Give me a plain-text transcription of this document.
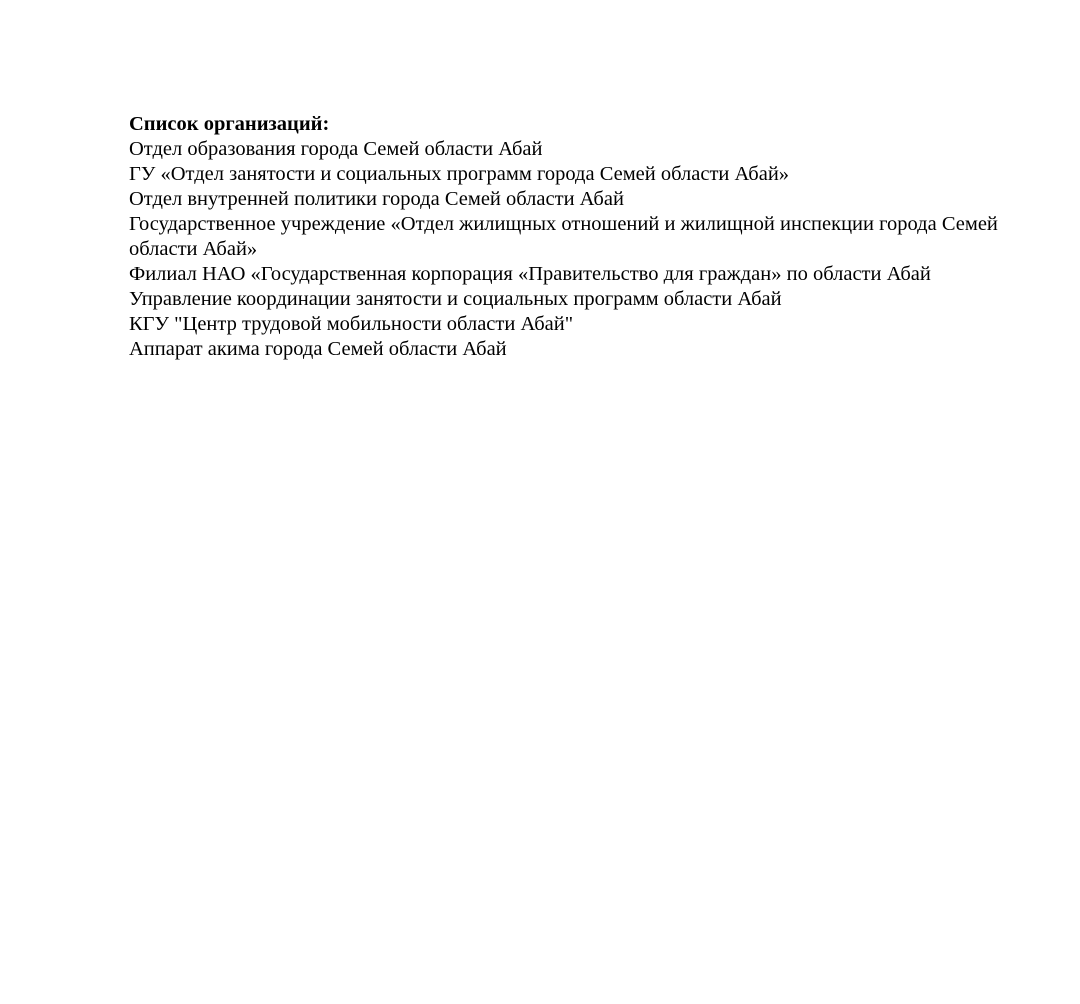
Список организаций:

Отдел образования города Семей области Абай
ГУ «Отдел занятости и социальных программ города Семей области Абай»
Отдел внутренней политики города Семей области Абай
Государственное учреждение «Отдел жилищных отношений и жилищной инспекции города Семей области Абай»
Филиал НАО «Государственная корпорация «Правительство для граждан» по области Абай
Управление координации занятости и социальных программ области Абай
КГУ "Центр трудовой мобильности области Абай"
Аппарат акима города Семей области Абай
